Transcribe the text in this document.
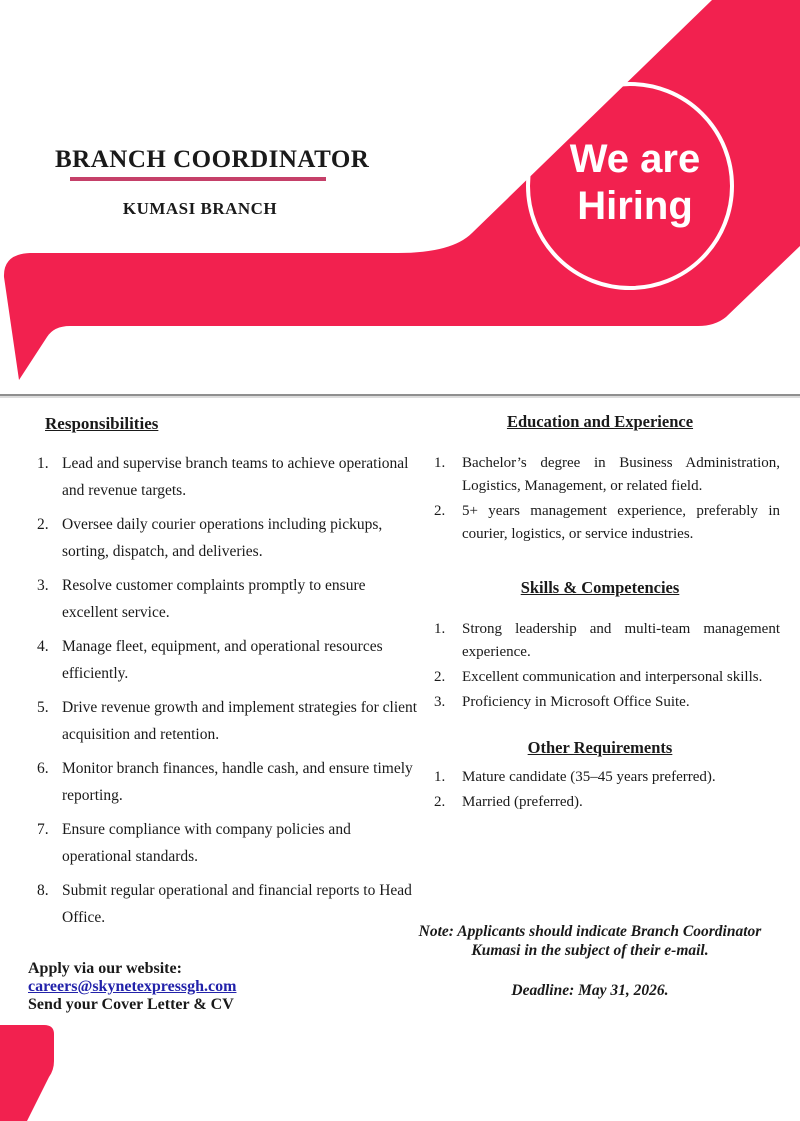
We are
Hiring
BRANCH COORDINATOR
KUMASI BRANCH
Responsibilities
Lead and supervise branch teams to achieve operational and revenue targets.
Oversee daily courier operations including pickups, sorting, dispatch, and deliveries.
Resolve customer complaints promptly to ensure excellent service.
Manage fleet, equipment, and operational resources efficiently.
Drive revenue growth and implement strategies for client acquisition and retention.
Monitor branch finances, handle cash, and ensure timely reporting.
Ensure compliance with company policies and operational standards.
Submit regular operational and financial reports to Head Office.
Education and Experience
Bachelor’s degree in Business Administration, Logistics, Management, or related field.
5+ years management experience, preferably in courier, logistics, or service industries.
Skills & Competencies
Strong leadership and multi-team management experience.
Excellent communication and interpersonal skills.
Proficiency in Microsoft Office Suite.
Other Requirements
Mature candidate (35–45 years preferred).
Married (preferred).
Note: Applicants should indicate Branch Coordinator
Kumasi in the subject of their e-mail.
Deadline: May 31, 2026.
Apply via our website:
careers@skynetexpressgh.com
Send your Cover Letter & CV
